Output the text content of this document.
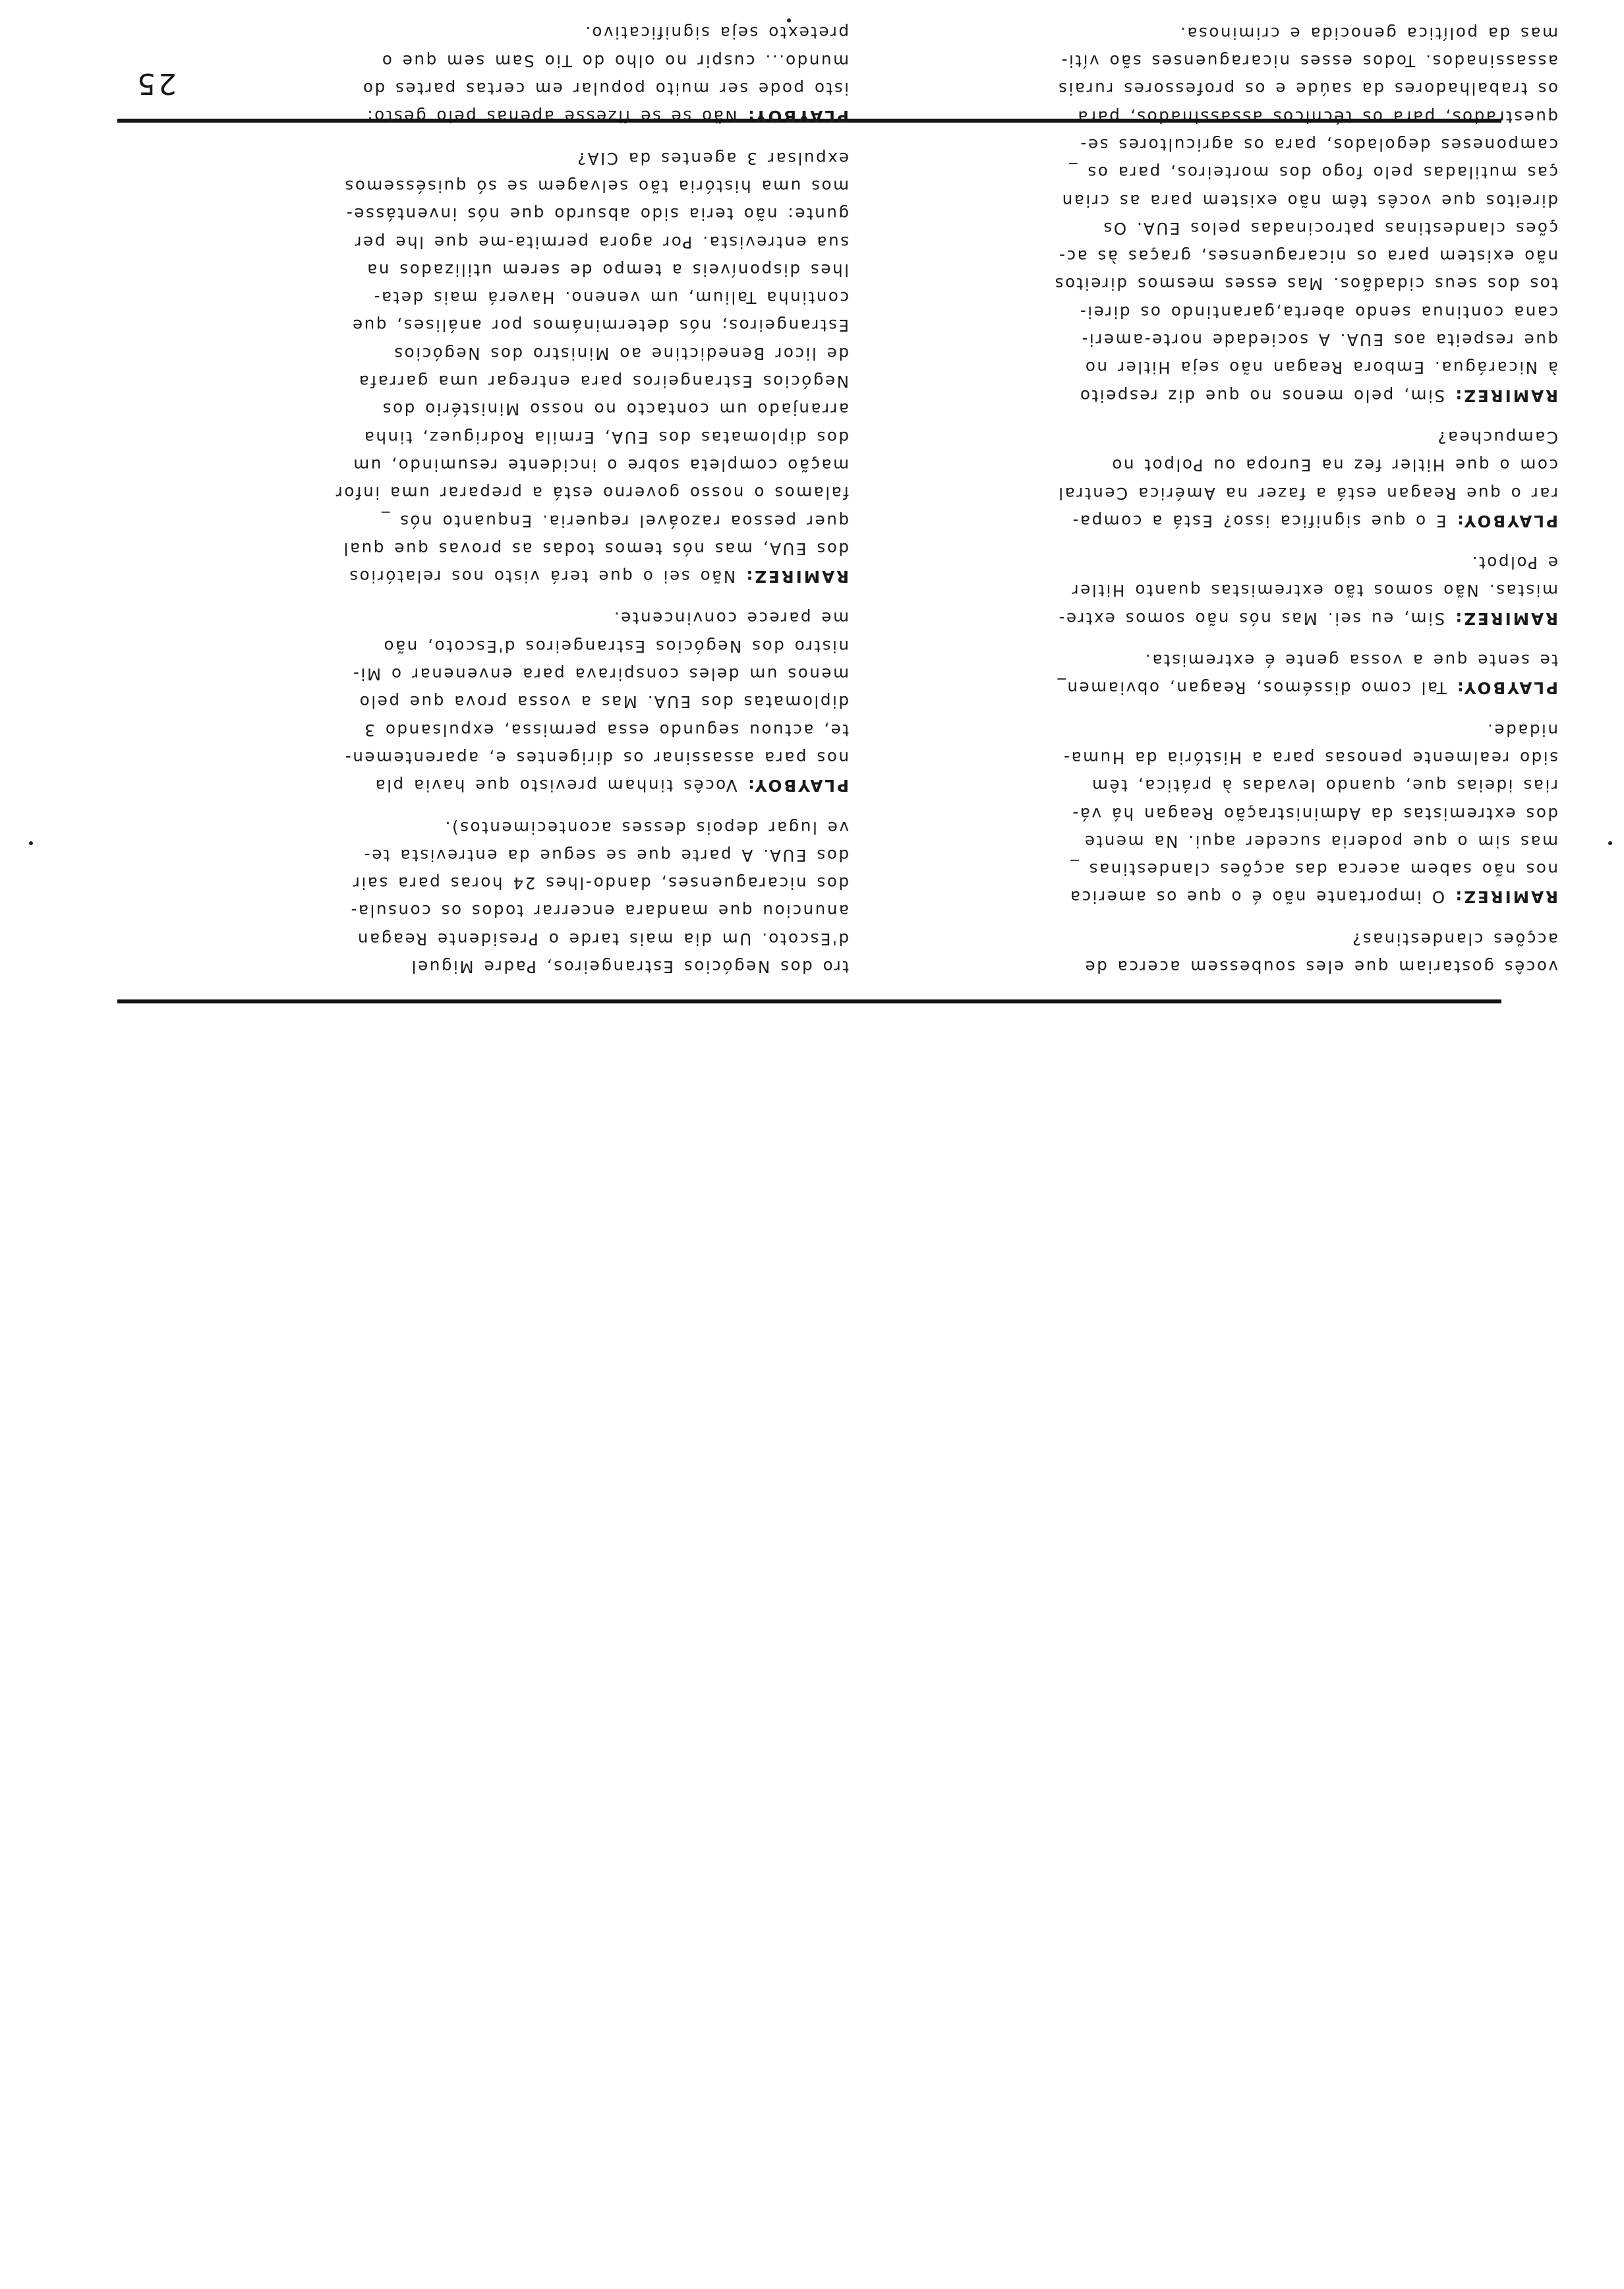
25

vocês gostariam que eles soubessem acerca de
acções clandestinas?

RAMIREZ: O importante não é o que os america
nos não sabem acerca das acções clandestinas _
mas sim o que poderia suceder aqui. Na mente
dos extremistas da Administração Reagan há vá-
rias ideias que, quando levadas à prática, têm
sido realmente penosas para a História da Huma-
nidade.

PLAYBOY: Tal como dissémos, Reagan, obviamen_
te sente que a vossa gente é extremista.

RAMIREZ: Sim, eu sei. Mas nós não somos extre-
mistas. Não somos tão extremistas quanto Hitler
e Polpot.

PLAYBOY: E o que significa isso? Está a compa-
rar o que Reagan está a fazer na América Central
com o que Hitler fez na Europa ou Polpot no
Campuchea?

RAMIREZ: Sim, pelo menos no que diz respeito
à Nicarágua. Embora Reagan não seja Hitler no
que respeita aos EUA. A sociedade norte-ameri-
cana continua sendo aberta,garantindo os direi-
tos dos seus cidadãos. Mas esses mesmos direitos
não existem para os nicaraguenses, graças às ac-
ções clandestinas patrocinadas pelos EUA. Os
direitos que vocês têm não existem para as crian
ças mutiladas pelo fogo dos morteiros, para os _
camponeses degolados, para os agricultores se-
questrados, para os técnicos assassinados, para
os trabalhadores da saúde e os professores rurais
assassinados. Todos esses nicaraguenses são víti-
mas da política genocida e criminosa.

tro dos Negócios Estrangeiros, Padre Miguel
d'Escoto. Um dia mais tarde o Presidente Reagan
anunciou que mandara encerrar todos os consula-
dos nicaraguenses, dando-lhes 24 horas para sair
dos EUA. A parte que se segue da entrevista te-
ve lugar depois desses acontecimentos).

PLAYBOY: Vocês tinham previsto que havia pla
nos para assassinar os dirigentes e, aparentemen-
te, actuou segundo essa permissa, expulsando 3
diplomatas dos EUA. Mas a vossa prova que pelo
menos um deles conspirava para envenenar o Mi-
nistro dos Negócios Estrangeiros d'Escoto, não
me parece convincente.

RAMIREZ: Não sei o que terá visto nos relatórios
dos EUA, mas nós temos todas as provas que qual
quer pessoa razoável requeria. Enquanto nós _
falamos o nosso governo está a preparar uma infor
mação completa sobre o incidente resumindo, um
dos diplomatas dos EUA, Ermila Rodriguez, tinha
arranjado um contacto no nosso Ministério dos
Negócios Estrangeiros para entregar uma garrafa
de licor Benedictine ao Ministro dos Negócios
Estrangeiros; nós determinámos por análises, que
continha Talium, um veneno. Haverá mais deta-
lhes disponíveis a tempo de serem utilizados na
sua entrevista. Por agora permita-me que lhe per
gunte: não teria sido absurdo que nós inventásse-
mos uma história tão selvagem se só quiséssemos
expulsar 3 agentes da CIA?

PLAYBOY: Não se se fizesse apenas pelo gesto:
isto pode ser muito popular em certas partes do
mundo... cuspir no olho do Tio Sam sem que o
pretexto seja significativo.
